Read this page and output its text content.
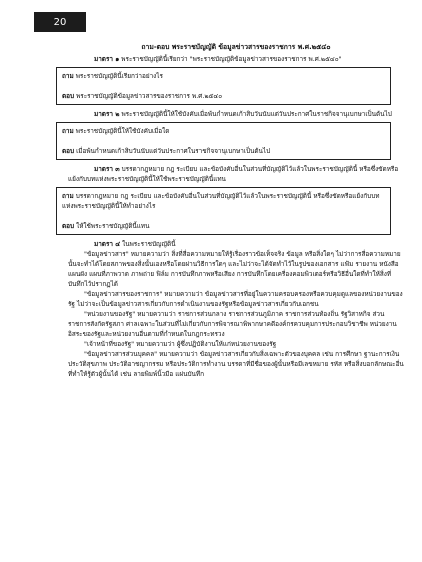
20

ถาม-ตอบ พระราชบัญญัติ ข้อมูลข่าวสารของราชการ พ.ศ.๒๕๔๐

มาตรา ๑ พระราชบัญญัตินี้เรียกว่า "พระราชบัญญัติข้อมูลข่าวสารของราชการ พ.ศ.๒๕๔๐"

ถาม พระราชบัญญัตินี้เรียกว่าอย่างไร

ตอบ พระราชบัญญัติข้อมูลข่าวสารของราชการ พ.ศ.๒๕๔๐

มาตรา ๒ พระราชบัญญัตินี้ให้ใช้บังคับเมื่อพ้นกำหนดเก้าสิบวันนับแต่วันประกาศในราชกิจจานุเบกษาเป็นต้นไป

ถาม พระราชบัญญัตินี้ให้ใช้บังคับเมื่อใด

ตอบ เมื่อพ้นกำหนดเก้าสิบวันนับแต่วันประกาศในราชกิจจานุเบกษาเป็นต้นไป

มาตรา ๓ บรรดากฎหมาย กฎ ระเบียบ และข้อบังคับอื่นในส่วนที่บัญญัติไว้แล้วในพระราชบัญญัตินี้ หรือซึ่งขัดหรือแย้งกับบทแห่งพระราชบัญญัตินี้ให้ใช้พระราชบัญญัตินี้แทน

ถาม บรรดากฎหมาย กฎ ระเบียบ และข้อบังคับอื่นในส่วนที่บัญญัติไว้แล้วในพระราชบัญญัตินี้ หรือซึ่งขัดหรือแย้งกับบทแห่งพระราชบัญญัตินี้ให้ทำอย่างไร

ตอบ ให้ใช้พระราชบัญญัตินี้แทน

มาตรา ๔ ในพระราชบัญญัตินี้

"ข้อมูลข่าวสาร" หมายความว่า สิ่งที่สื่อความหมายให้รู้เรื่องราวข้อเท็จจริง ข้อมูล หรือสิ่งใดๆ ไม่ว่าการสื่อความหมายนั้นจะทำได้โดยสภาพของสิ่งนั้นเองหรือโดยผ่านวิธีการใดๆ และไม่ว่าจะได้จัดทำไว้ในรูปของเอกสาร แฟ้ม รายงาน หนังสือ แผนผัง แผนที่ภาพวาด ภาพถ่าย ฟิล์ม การบันทึกภาพหรือเสียง การบันทึกโดยเครื่องคอมพิวเตอร์หรือวิธีอื่นใดที่ทำให้สิ่งที่บันทึกไว้ปรากฏได้

"ข้อมูลข่าวสารของราชการ" หมายความว่า ข้อมูลข่าวสารที่อยู่ในความครอบครองหรือควบคุมดูแลของหน่วยงานของรัฐ ไม่ว่าจะเป็นข้อมูลข่าวสารเกี่ยวกับการดำเนินงานของรัฐหรือข้อมูลข่าวสารเกี่ยวกับเอกชน

"หน่วยงานของรัฐ" หมายความว่า ราชการส่วนกลาง ราชการส่วนภูมิภาค ราชการส่วนท้องถิ่น รัฐวิสาหกิจ ส่วนราชการสังกัดรัฐสภา ศาลเฉพาะในส่วนที่ไม่เกี่ยวกับการพิจารณาพิพากษาคดีองค์กรควบคุมการประกอบวิชาชีพ หน่วยงานอิสระของรัฐและหน่วยงานอื่นตามที่กำหนดในกฎกระทรวง

"เจ้าหน้าที่ของรัฐ" หมายความว่า ผู้ซึ่งปฏิบัติงานให้แก่หน่วยงานของรัฐ

"ข้อมูลข่าวสารส่วนบุคคล" หมายความว่า ข้อมูลข่าวสารเกี่ยวกับสิ่งเฉพาะตัวของบุคคล เช่น การศึกษา ฐานะการเงิน ประวัติสุขภาพ ประวัติอาชญากรรม หรือประวัติการทำงาน บรรดาที่มีชื่อของผู้นั้นหรือมีเลขหมาย รหัส หรือสิ่งบอกลักษณะอื่นที่ทำให้รู้ตัวผู้นั้นได้ เช่น ลายพิมพ์นิ้วมือ แผ่นบันทึก
